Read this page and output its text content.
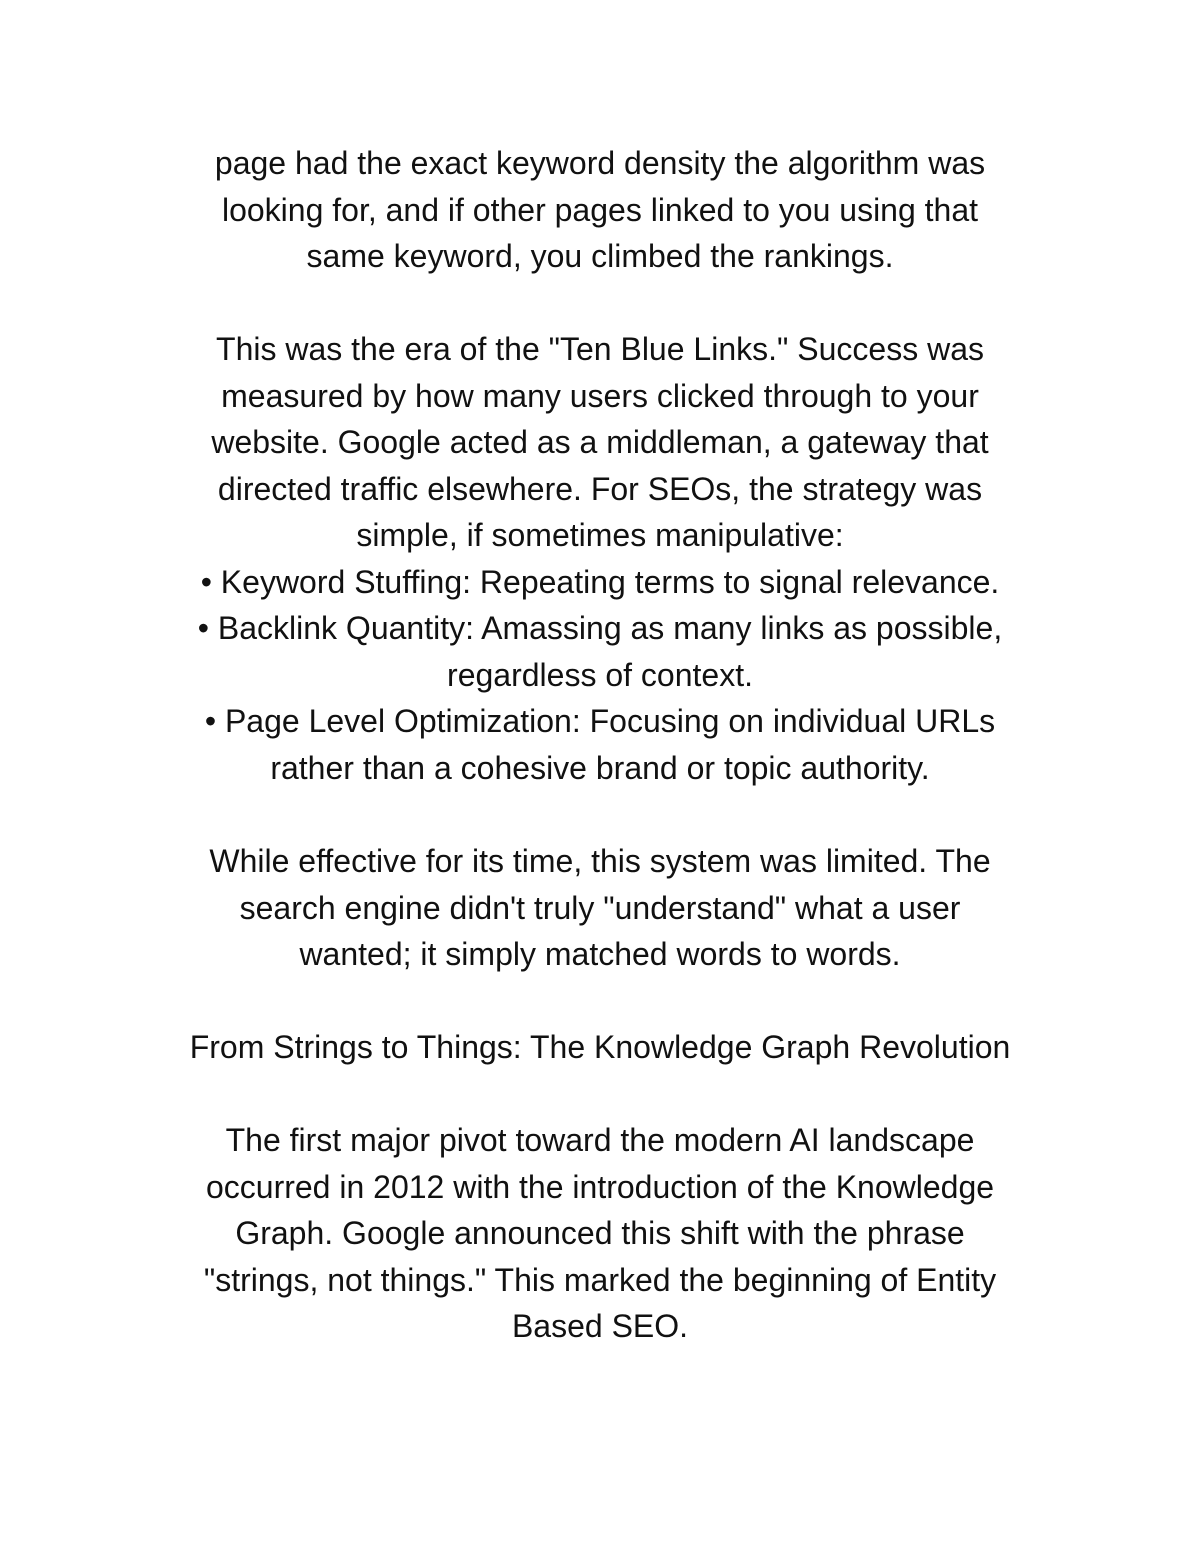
page had the exact keyword density the algorithm was
looking for, and if other pages linked to you using that
same keyword, you climbed the rankings.
This was the era of the "Ten Blue Links." Success was
measured by how many users clicked through to your
website. Google acted as a middleman, a gateway that
directed traffic elsewhere. For SEOs, the strategy was
simple, if sometimes manipulative:
• Keyword Stuffing: Repeating terms to signal relevance.
• Backlink Quantity: Amassing as many links as possible,
regardless of context.
• Page Level Optimization: Focusing on individual URLs
rather than a cohesive brand or topic authority.
While effective for its time, this system was limited. The
search engine didn't truly "understand" what a user
wanted; it simply matched words to words.
From Strings to Things: The Knowledge Graph Revolution
The first major pivot toward the modern AI landscape
occurred in 2012 with the introduction of the Knowledge
Graph. Google announced this shift with the phrase
"strings, not things." This marked the beginning of Entity
Based SEO.
